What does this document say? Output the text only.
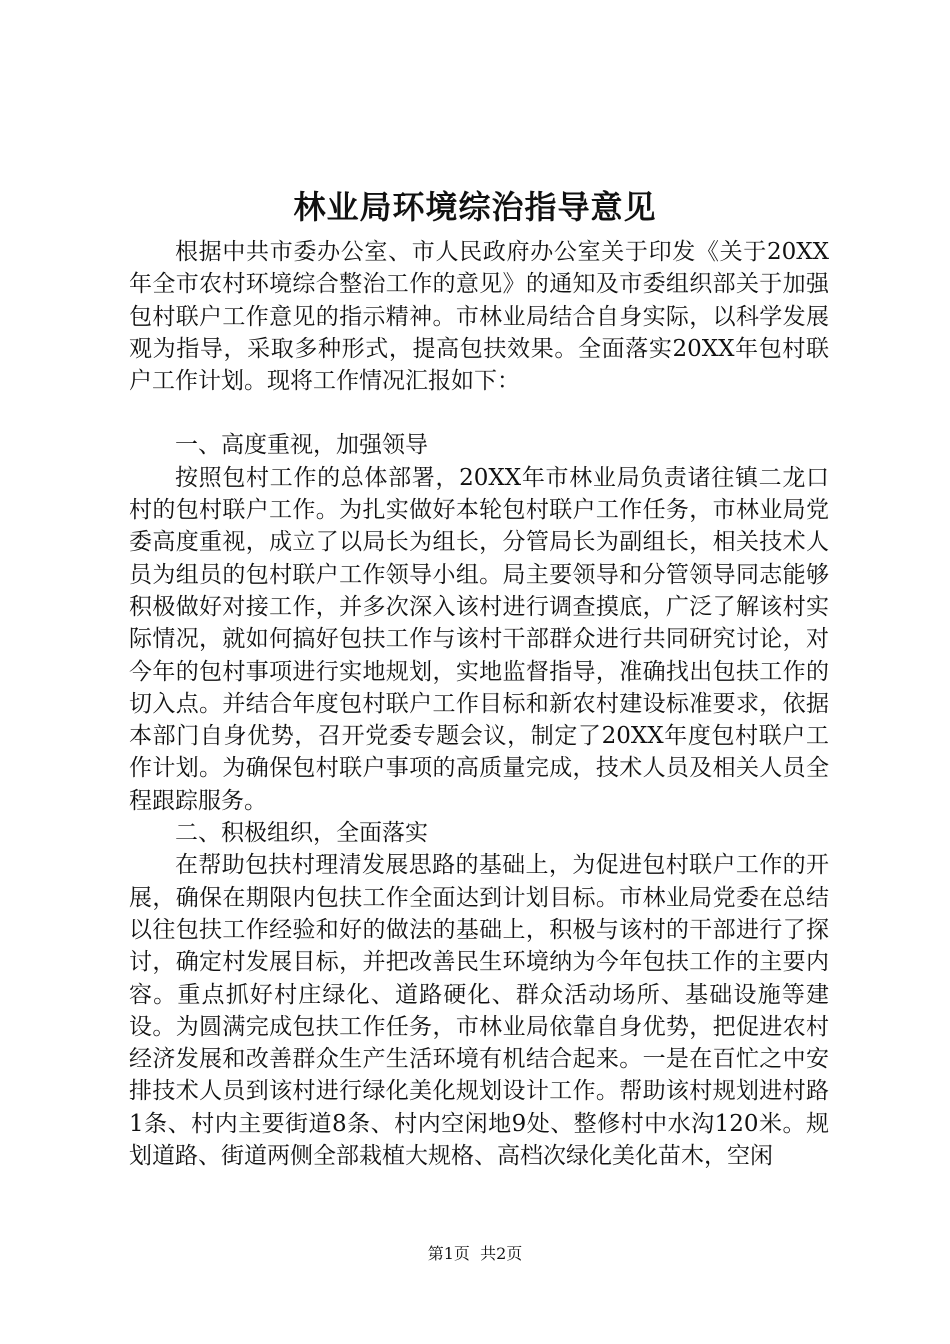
林业局环境综治指导意见

根据中共市委办公室、市人民政府办公室关于印发《关于20XX年全市农村环境综合整治工作的意见》的通知及市委组织部关于加强包村联户工作意见的指示精神。市林业局结合自身实际，以科学发展观为指导，采取多种形式，提高包扶效果。全面落实20XX年包村联户工作计划。现将工作情况汇报如下：

一、高度重视，加强领导

按照包村工作的总体部署，20XX年市林业局负责诸往镇二龙口村的包村联户工作。为扎实做好本轮包村联户工作任务，市林业局党委高度重视，成立了以局长为组长，分管局长为副组长，相关技术人员为组员的包村联户工作领导小组。局主要领导和分管领导同志能够积极做好对接工作，并多次深入该村进行调查摸底，广泛了解该村实际情况，就如何搞好包扶工作与该村干部群众进行共同研究讨论，对今年的包村事项进行实地规划，实地监督指导，准确找出包扶工作的切入点。并结合年度包村联户工作目标和新农村建设标准要求，依据本部门自身优势，召开党委专题会议，制定了20XX年度包村联户工作计划。为确保包村联户事项的高质量完成，技术人员及相关人员全程跟踪服务。

二、积极组织，全面落实

在帮助包扶村理清发展思路的基础上，为促进包村联户工作的开展，确保在期限内包扶工作全面达到计划目标。市林业局党委在总结以往包扶工作经验和好的做法的基础上，积极与该村的干部进行了探讨，确定村发展目标，并把改善民生环境纳为今年包扶工作的主要内容。重点抓好村庄绿化、道路硬化、群众活动场所、基础设施等建设。为圆满完成包扶工作任务，市林业局依靠自身优势，把促进农村经济发展和改善群众生产生活环境有机结合起来。一是在百忙之中安排技术人员到该村进行绿化美化规划设计工作。帮助该村规划进村路1条、村内主要街道8条、村内空闲地9处、整修村中水沟120米。规划道路、街道两侧全部栽植大规格、高档次绿化美化苗木，空闲

第1页 共2页
